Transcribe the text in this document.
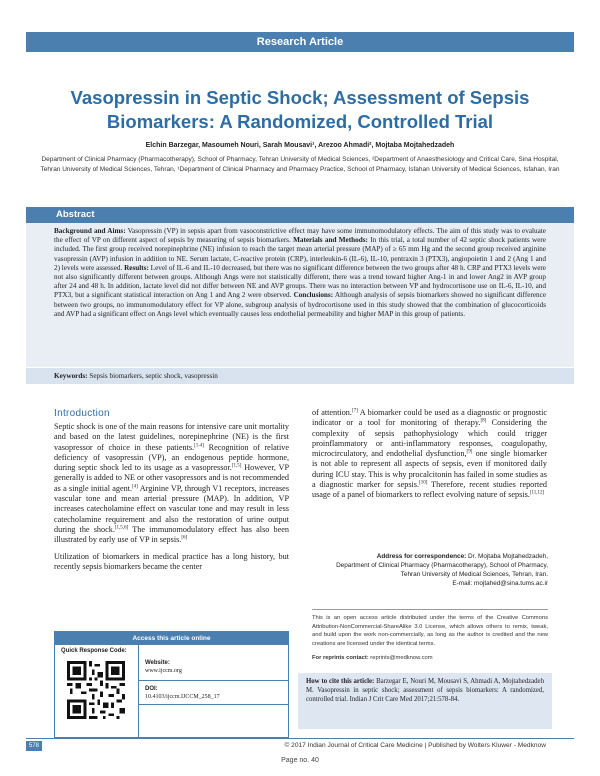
Research Article
Vasopressin in Septic Shock; Assessment of Sepsis
Biomarkers: A Randomized, Controlled Trial
Elchin Barzegar, Masoumeh Nouri, Sarah Mousavi¹, Arezoo Ahmadi², Mojtaba Mojtahedzadeh
Department of Clinical Pharmacy (Pharmacotherapy), School of Pharmacy, Tehran University of Medical Sciences, ²Department of Anaesthesiology and Critical Care, Sina Hospital, Tehran University of Medical Sciences, Tehran, ¹Department of Clinical Pharmacy and Pharmacy Practice, School of Pharmacy, Isfahan University of Medical Sciences, Isfahan, Iran
Abstract
Background and Aims: Vasopressin (VP) in sepsis apart from vasoconstrictive effect may have some immunomodulatory effects. The aim of this study was to evaluate the effect of VP on different aspect of sepsis by measuring of sepsis biomarkers. Materials and Methods: In this trial, a total number of 42 septic shock patients were included. The first group received norepinephrine (NE) infusion to reach the target mean arterial pressure (MAP) of ≥ 65 mm Hg and the second group received arginine vasopressin (AVP) infusion in addition to NE. Serum lactate, C-reactive protein (CRP), interleukin-6 (IL-6), IL-10, pentraxin 3 (PTX3), angiopoietin 1 and 2 (Ang 1 and 2) levels were assessed. Results: Level of IL-6 and IL-10 decreased, but there was no significant difference between the two groups after 48 h. CRP and PTX3 levels were not also significantly different between groups. Although Angs were not statistically different, there was a trend toward higher Ang-1 in and lower Ang2 in AVP group after 24 and 48 h. In addition, lactate level did not differ between NE and AVP groups. There was no interaction between VP and hydrocortisone use on IL-6, IL-10, and PTX3, but a significant statistical interaction on Ang 1 and Ang 2 were observed. Conclusions: Although analysis of sepsis biomarkers showed no significant difference between two groups, no immunomodulatory effect for VP alone, subgroup analysis of hydrocortisone used in this study showed that the combination of glucocorticoids and AVP had a significant effect on Angs level which eventually causes less endothelial permeability and higher MAP in this group of patients.
Keywords: Sepsis biomarkers, septic shock, vasopressin
Introduction

Septic shock is one of the main reasons for intensive care unit mortality and based on the latest guidelines, norepinephrine (NE) is the first vasopressor of choice in these patients.[1-4] Recognition of relative deficiency of vasopressin (VP), an endogenous peptide hormone, during septic shock led to its usage as a vasopressor.[1,5] However, VP generally is added to NE or other vasopressors and is not recommended as a single initial agent.[4] Arginine VP, through V1 receptors, increases vascular tone and mean arterial pressure (MAP). In addition, VP increases catecholamine effect on vascular tone and may result in less catecholamine requirement and also the restoration of urine output during the shock.[1,5,6] The immunomodulatory effect has also been illustrated by early use of VP in sepsis.[6]

Utilization of biomarkers in medical practice has a long history, but recently sepsis biomarkers became the center

of attention.[7] A biomarker could be used as a diagnostic or prognostic indicator or a tool for monitoring of therapy.[8] Considering the complexity of sepsis pathophysiology which could trigger proinflammatory or anti-inflammatory responses, coagulopathy, microcirculatory, and endothelial dysfunction,[9] one single biomarker is not able to represent all aspects of sepsis, even if monitored daily during ICU stay. This is why procalcitonin has failed in some studies as a diagnostic marker for sepsis.[10] Therefore, recent studies reported usage of a panel of biomarkers to reflect evolving nature of sepsis.[11,12]

Access this article online
Quick Response Code:
Website:
www.ijccm.org
DOI:
10.4103/ijccm.IJCCM_258_17
Address for correspondence: Dr. Mojtaba Mojtahedzadeh,
Department of Clinical Pharmacy (Pharmacotherapy), School of Pharmacy,
Tehran University of Medical Sciences, Tehran, Iran.
E-mail: mojtahed@sina.tums.ac.ir
This is an open access article distributed under the terms of the Creative Commons Attribution-NonCommercial-ShareAlike 3.0 License, which allows others to remix, tweak, and build upon the work non-commercially, as long as the author is credited and the new creations are licensed under the identical terms.
For reprints contact: reprints@medknow.com
How to cite this article: Barzegar E, Nouri M, Mousavi S, Ahmadi A, Mojtahedzadeh M. Vasopressin in septic shock; assessment of sepsis biomarkers: A randomized, controlled trial. Indian J Crit Care Med 2017;21:578-84.
578	© 2017 Indian Journal of Critical Care Medicine | Published by Wolters Kluwer - Medknow
Page no. 40
